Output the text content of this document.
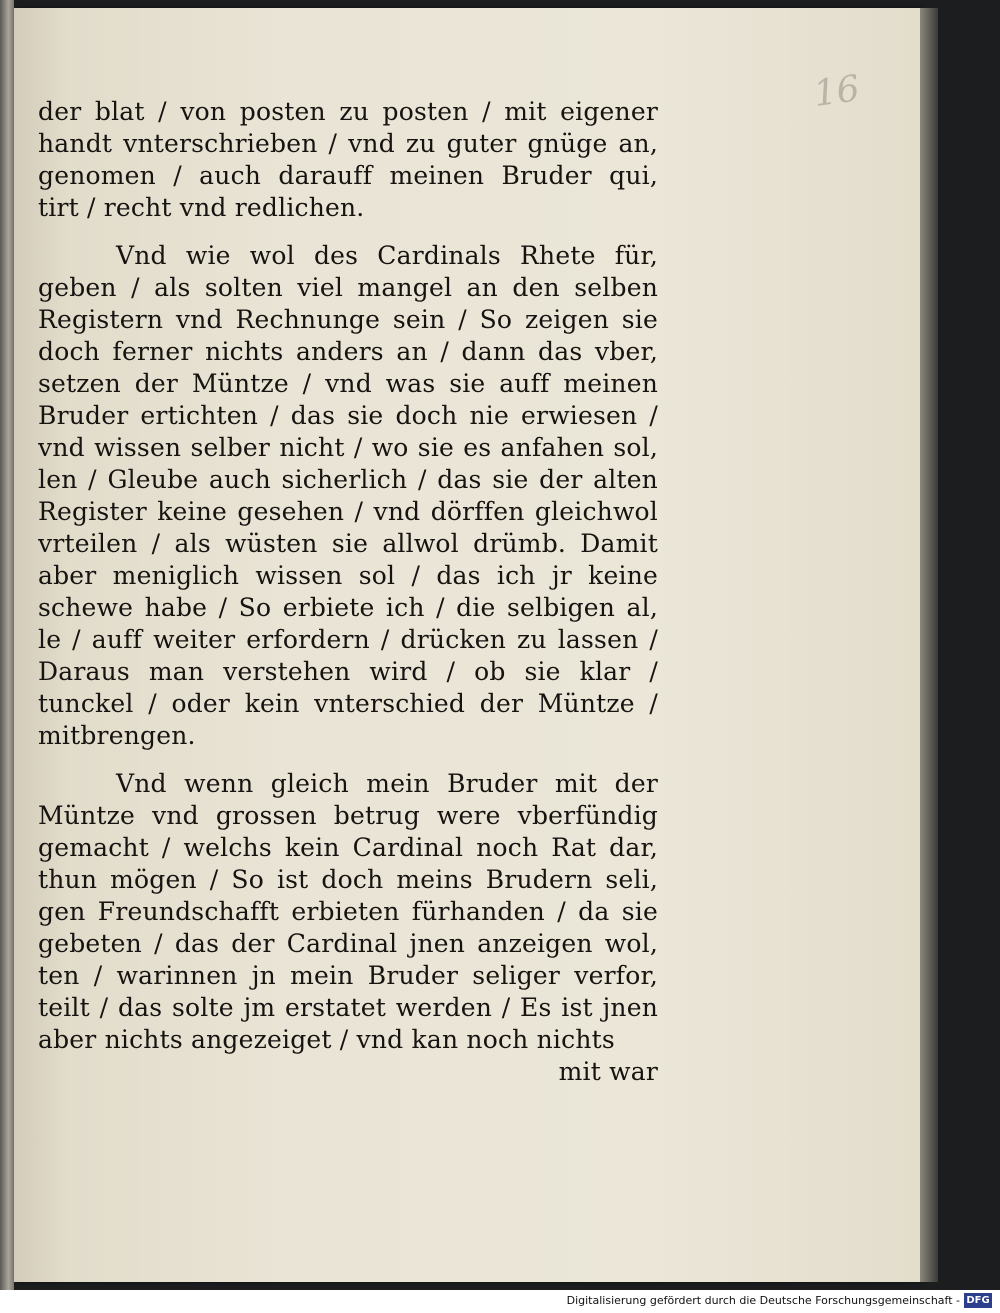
16
der blat / von posten zu posten / mit eigener
handt vnterschrieben / vnd zu guter gnüge an,
genomen / auch darauff meinen Bruder qui,
tirt / recht vnd redlichen.
Vnd wie wol des Cardinals Rhete für,
geben / als solten viel mangel an den selben
Registern vnd Rechnunge sein / So zeigen sie
doch ferner nichts anders an / dann das vber,
setzen der Müntze / vnd was sie auff meinen
Bruder ertichten / das sie doch nie erwiesen /
vnd wissen selber nicht / wo sie es anfahen sol,
len / Gleube auch sicherlich / das sie der alten
Register keine gesehen / vnd dörffen gleichwol
vrteilen / als wüsten sie allwol drümb. Damit
aber meniglich wissen sol / das ich jr keine
schewe habe / So erbiete ich / die selbigen al,
le / auff weiter erfordern / drücken zu lassen /
Daraus man verstehen wird / ob sie klar /
tunckel / oder kein vnterschied der Müntze /
mitbrengen.
Vnd wenn gleich mein Bruder mit der
Müntze vnd grossen betrug were vberfündig
gemacht / welchs kein Cardinal noch Rat dar,
thun mögen / So ist doch meins Brudern seli,
gen Freundschafft erbieten fürhanden / da sie
gebeten / das der Cardinal jnen anzeigen wol,
ten / warinnen jn mein Bruder seliger verfor,
teilt / das solte jm erstatet werden / Es ist jnen
aber nichts angezeiget / vnd kan noch nichts
mit war
Digitalisierung gefördert durch die Deutsche Forschungsgemeinschaft - DFG
